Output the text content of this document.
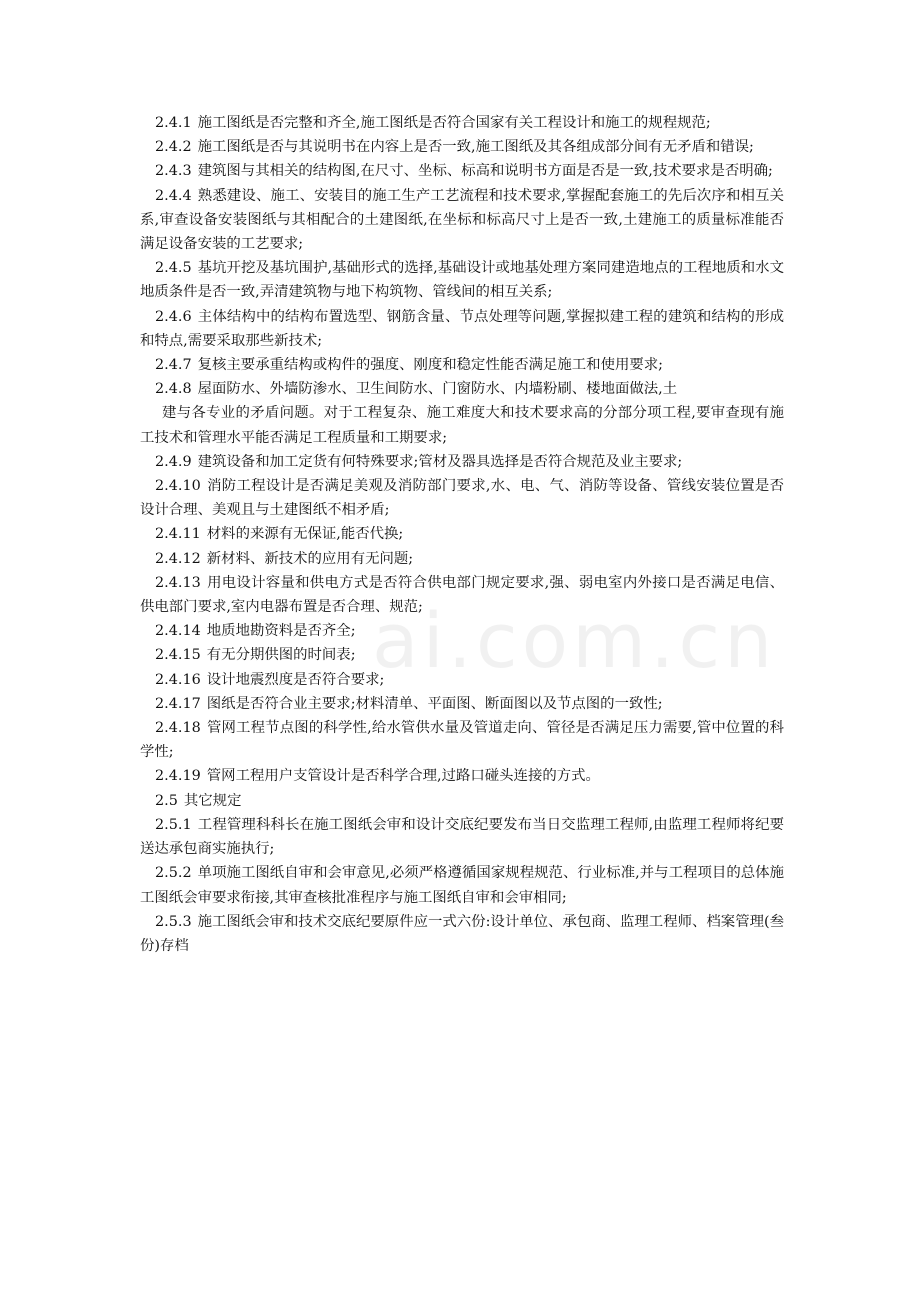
ai.com.cn

2.4.1 施工图纸是否完整和齐全,施工图纸是否符合国家有关工程设计和施工的规程规范;

2.4.2 施工图纸是否与其说明书在内容上是否一致,施工图纸及其各组成部分间有无矛盾和错误;

2.4.3 建筑图与其相关的结构图,在尺寸、坐标、标高和说明书方面是否是一致,技术要求是否明确;

2.4.4 熟悉建设、施工、安装目的施工生产工艺流程和技术要求,掌握配套施工的先后次序和相互关系,审查设备安装图纸与其相配合的土建图纸,在坐标和标高尺寸上是否一致,土建施工的质量标准能否满足设备安装的工艺要求;

2.4.5 基坑开挖及基坑围护,基础形式的选择,基础设计或地基处理方案同建造地点的工程地质和水文地质条件是否一致,弄清建筑物与地下构筑物、管线间的相互关系;

2.4.6 主体结构中的结构布置选型、钢筋含量、节点处理等问题,掌握拟建工程的建筑和结构的形成和特点,需要采取那些新技术;

2.4.7 复核主要承重结构或构件的强度、刚度和稳定性能否满足施工和使用要求;

2.4.8 屋面防水、外墙防渗水、卫生间防水、门窗防水、内墙粉刷、楼地面做法,土
建与各专业的矛盾问题。对于工程复杂、施工难度大和技术要求高的分部分项工程,要审查现有施工技术和管理水平能否满足工程质量和工期要求;

2.4.9 建筑设备和加工定货有何特殊要求;管材及器具选择是否符合规范及业主要求;

2.4.10 消防工程设计是否满足美观及消防部门要求,水、电、气、消防等设备、管线安装位置是否设计合理、美观且与土建图纸不相矛盾;

2.4.11 材料的来源有无保证,能否代换;

2.4.12 新材料、新技术的应用有无问题;

2.4.13 用电设计容量和供电方式是否符合供电部门规定要求,强、弱电室内外接口是否满足电信、供电部门要求,室内电器布置是否合理、规范;

2.4.14 地质地勘资料是否齐全;

2.4.15 有无分期供图的时间表;

2.4.16 设计地震烈度是否符合要求;

2.4.17 图纸是否符合业主要求;材料清单、平面图、断面图以及节点图的一致性;

2.4.18 管网工程节点图的科学性,给水管供水量及管道走向、管径是否满足压力需要,管中位置的科学性;

2.4.19 管网工程用户支管设计是否科学合理,过路口碰头连接的方式。

2.5 其它规定

2.5.1 工程管理科科长在施工图纸会审和设计交底纪要发布当日交监理工程师,由监理工程师将纪要送达承包商实施执行;

2.5.2 单项施工图纸自审和会审意见,必须严格遵循国家规程规范、行业标准,并与工程项目的总体施工图纸会审要求衔接,其审查核批准程序与施工图纸自审和会审相同;

2.5.3 施工图纸会审和技术交底纪要原件应一式六份:设计单位、承包商、监理工程师、档案管理(叁份)存档
